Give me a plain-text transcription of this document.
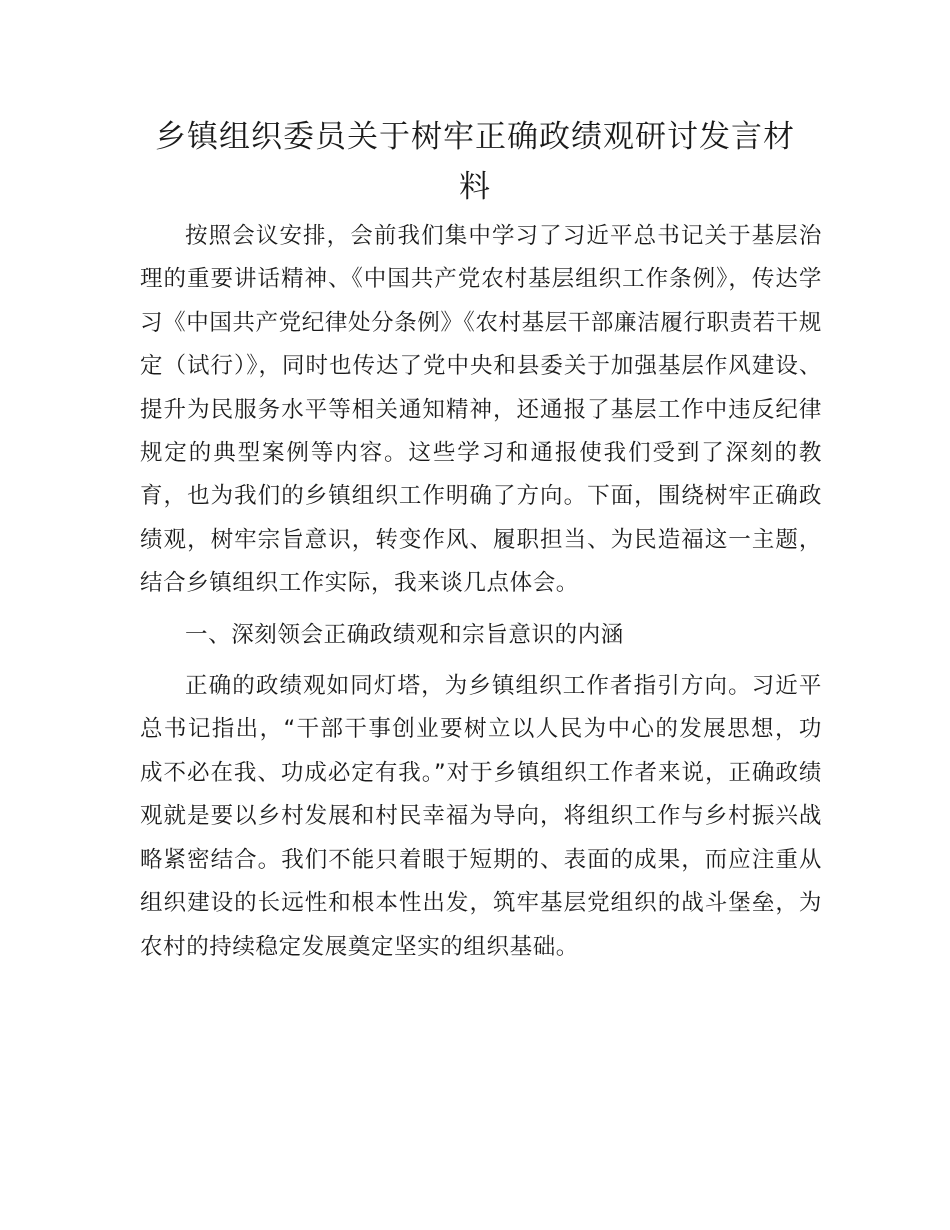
乡镇组织委员关于树牢正确政绩观研讨发言材料

按照会议安排，会前我们集中学习了习近平总书记关于基层治理的重要讲话精神、《中国共产党农村基层组织工作条例》，传达学习《中国共产党纪律处分条例》《农村基层干部廉洁履行职责若干规定（试行）》，同时也传达了党中央和县委关于加强基层作风建设、提升为民服务水平等相关通知精神，还通报了基层工作中违反纪律规定的典型案例等内容。这些学习和通报使我们受到了深刻的教育，也为我们的乡镇组织工作明确了方向。下面，围绕树牢正确政绩观，树牢宗旨意识，转变作风、履职担当、为民造福这一主题，结合乡镇组织工作实际，我来谈几点体会。

一、深刻领会正确政绩观和宗旨意识的内涵

正确的政绩观如同灯塔，为乡镇组织工作者指引方向。习近平总书记指出，“干部干事创业要树立以人民为中心的发展思想，功成不必在我、功成必定有我。”对于乡镇组织工作者来说，正确政绩观就是要以乡村发展和村民幸福为导向，将组织工作与乡村振兴战略紧密结合。我们不能只着眼于短期的、表面的成果，而应注重从组织建设的长远性和根本性出发，筑牢基层党组织的战斗堡垒，为农村的持续稳定发展奠定坚实的组织基础。
